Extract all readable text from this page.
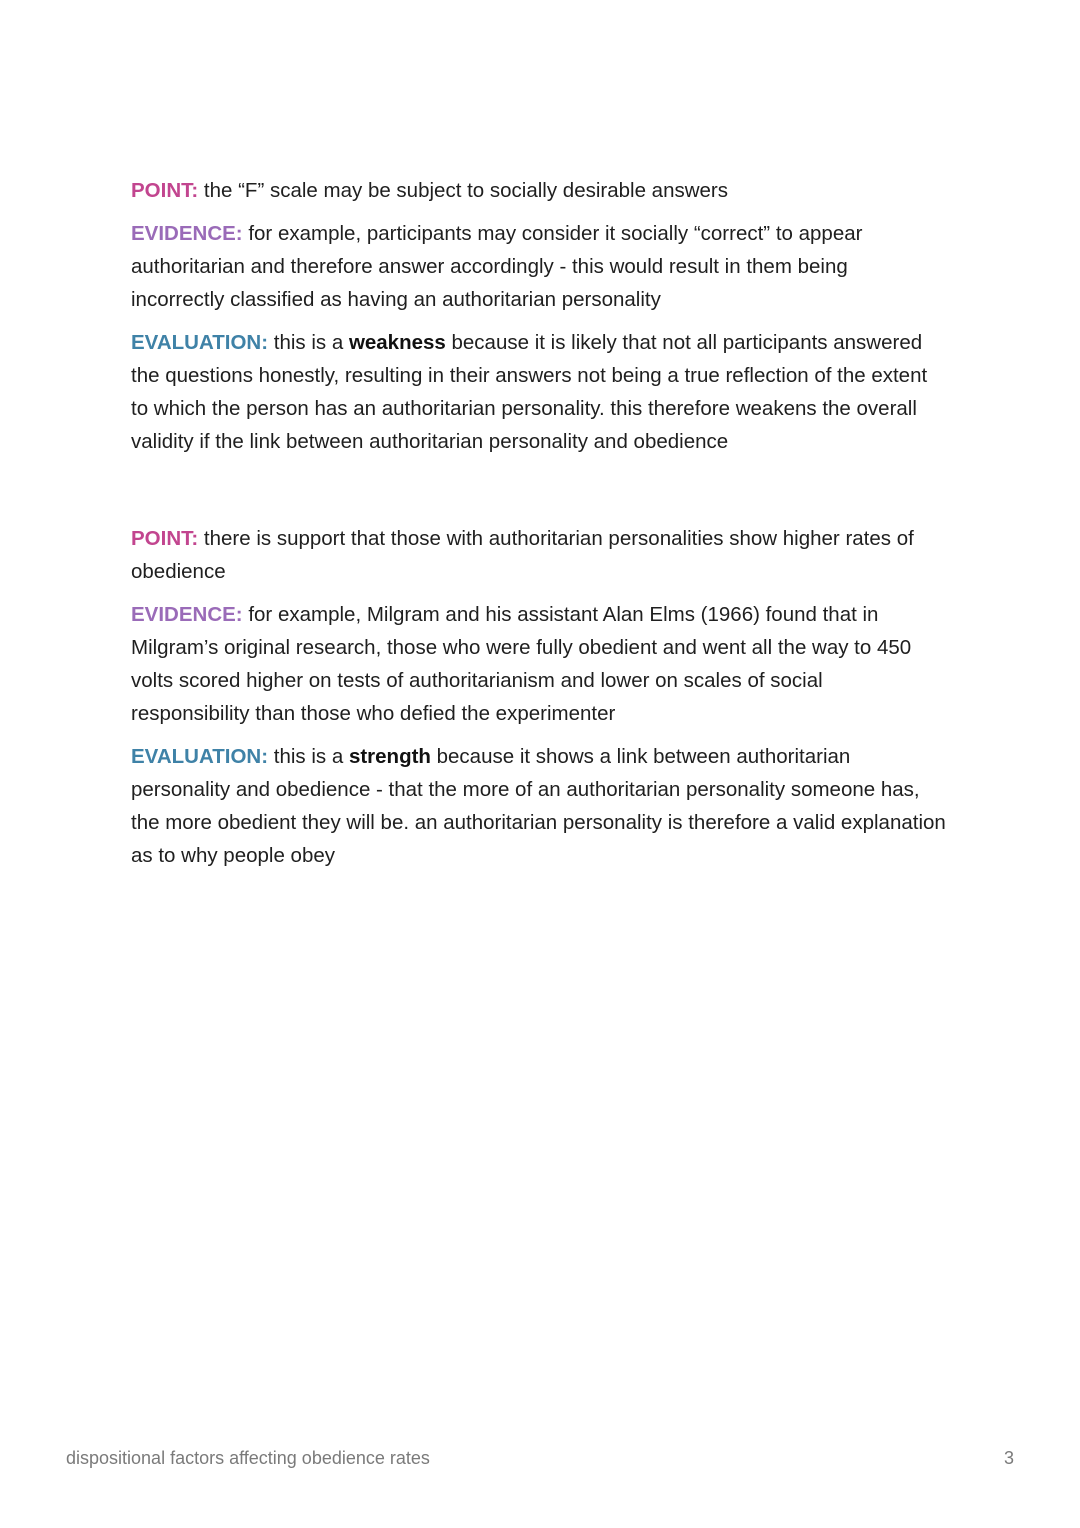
POINT: the “F” scale may be subject to socially desirable answers

EVIDENCE: for example, participants may consider it socially “correct” to appear authoritarian and therefore answer accordingly - this would result in them being incorrectly classified as having an authoritarian personality

EVALUATION: this is a weakness because it is likely that not all participants answered the questions honestly, resulting in their answers not being a true reflection of the extent to which the person has an authoritarian personality. this therefore weakens the overall validity if the link between authoritarian personality and obedience

POINT: there is support that those with authoritarian personalities show higher rates of obedience

EVIDENCE: for example, Milgram and his assistant Alan Elms (1966) found that in Milgram’s original research, those who were fully obedient and went all the way to 450 volts scored higher on tests of authoritarianism and lower on scales of social responsibility than those who defied the experimenter

EVALUATION: this is a strength because it shows a link between authoritarian personality and obedience - that the more of an authoritarian personality someone has, the more obedient they will be. an authoritarian personality is therefore a valid explanation as to why people obey

dispositional factors affecting obedience rates	3
